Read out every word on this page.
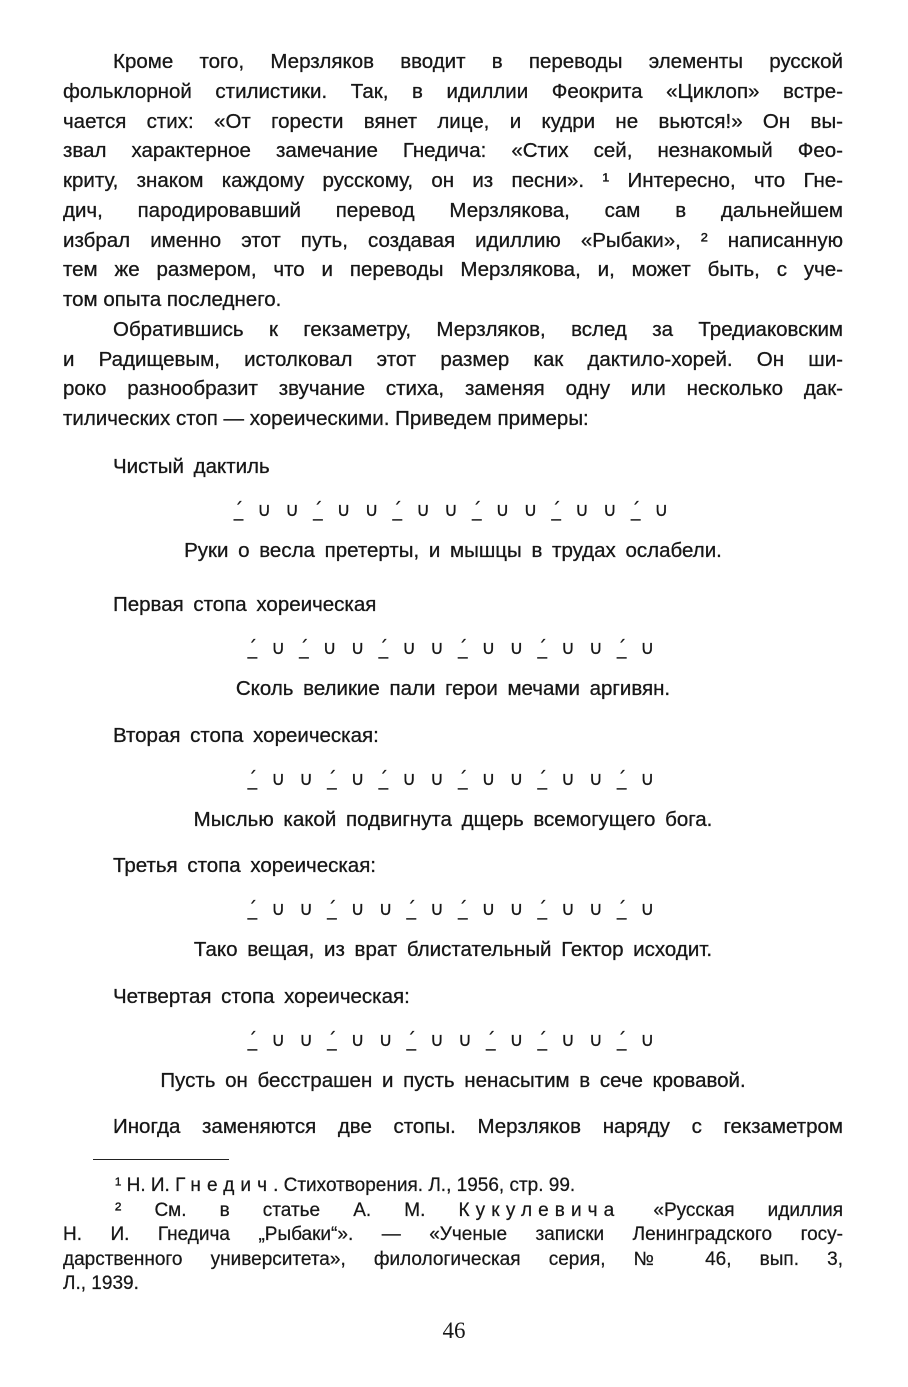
Кроме того, Мерзляков вводит в переводы элементы русской
фольклорной стилистики. Так, в идиллии Феокрита «Циклоп» встре-
чается стих: «От горести вянет лице, и кудри не вьются!» Он вы-
звал характерное замечание Гнедича: «Стих сей, незнакомый Фео-
криту, знаком каждому русскому, он из песни». ¹ Интересно, что Гне-
дич, пародировавший перевод Мерзлякова, сам в дальнейшем
избрал именно этот путь, создавая идиллию «Рыбаки», ² написанную
тем же размером, что и переводы Мерзлякова, и, может быть, с уче-
том опыта последнего.
Обратившись к гекзаметру, Мерзляков, вслед за Тредиаковским
и Радищевым, истолковал этот размер как дактило-хорей. Он ши-
роко разнообразит звучание стиха, заменяя одну или несколько дак-
тилических стоп — хореическими. Приведем примеры:
Чистый дактиль
_́ ∪ ∪ _́ ∪ ∪ _́ ∪ ∪ _́ ∪ ∪ _́ ∪ ∪ _́ ∪
Руки о весла претерты, и мышцы в трудах ослабели.
Первая стопа хореическая
_́ ∪ _́ ∪ ∪ _́ ∪ ∪ _́ ∪ ∪ _́ ∪ ∪ _́ ∪
Сколь великие пали герои мечами аргивян.
Вторая стопа хореическая:
_́ ∪ ∪ _́ ∪ _́ ∪ ∪ _́ ∪ ∪ _́ ∪ ∪ _́ ∪
Мыслью какой подвигнута дщерь всемогущего бога.
Третья стопа хореическая:
_́ ∪ ∪ _́ ∪ ∪ _́ ∪ _́ ∪ ∪ _́ ∪ ∪ _́ ∪
Тако вещая, из врат блистательный Гектор исходит.
Четвертая стопа хореическая:
_́ ∪ ∪ _́ ∪ ∪ _́ ∪ ∪ _́ ∪ _́ ∪ ∪ _́ ∪
Пусть он бесстрашен и пусть ненасытим в сече кровавой.
Иногда заменяются две стопы. Мерзляков наряду с гекзаметром
¹ Н. И. Гнедич. Стихотворения. Л., 1956, стр. 99.
² См. в статье А. М. Кукулевича «Русская идиллия
Н. И. Гнедича „Рыбаки“». — «Ученые записки Ленинградского госу-
дарственного университета», филологическая серия, № 46, вып. 3,
Л., 1939.
46
